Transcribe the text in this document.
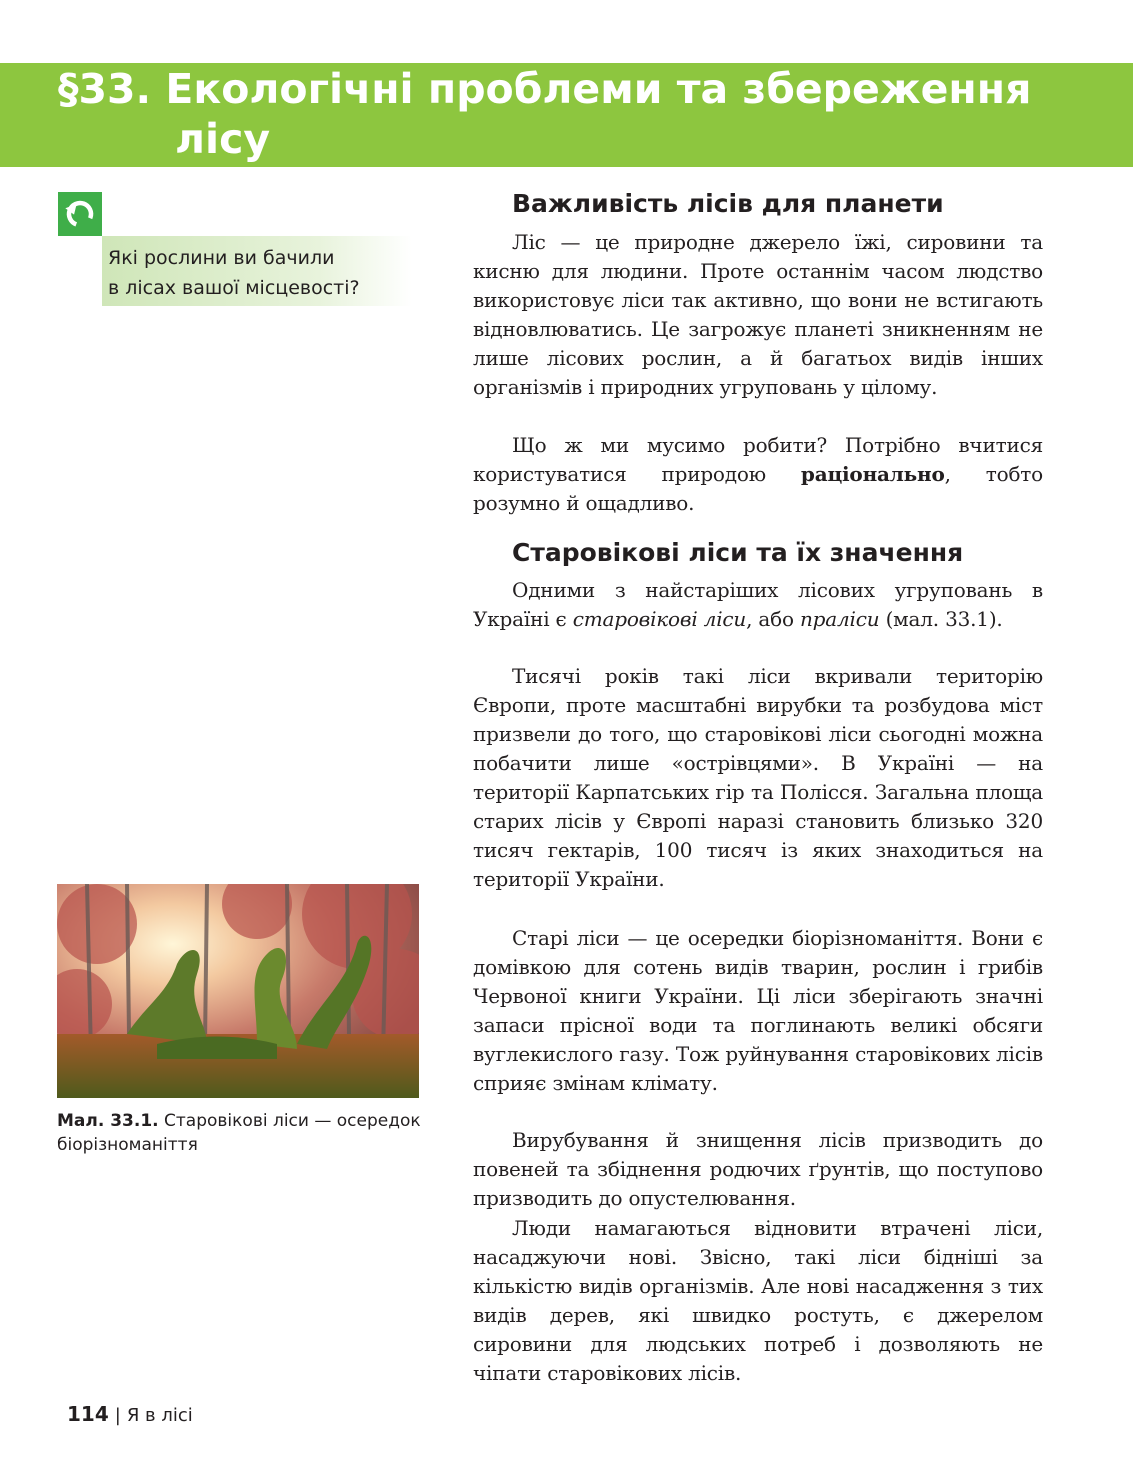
§33. Екологічні проблеми та збереження
лісу

Які рослини ви бачили
в лісах вашої місцевості?

Мал. 33.1. Старовікові ліси — осередок біорізноманіття

Важливість лісів для планети

Ліс — це природне джерело їжі, сировини та кисню для людини. Проте останнім часом людство використовує ліси так активно, що вони не встигають відновлюватись. Це загрожує планеті зникненням не лише лісових рослин, а й багатьох видів інших організмів і природних угруповань у цілому.

Що ж ми мусимо робити? Потрібно вчитися користуватися природою раціонально, тобто розумно й ощадливо.

Старовікові ліси та їх значення

Одними з найстаріших лісових угруповань в Україні є старовікові ліси, або праліси (мал. 33.1).

Тисячі років такі ліси вкривали територію Європи, проте масштабні вирубки та розбудова міст призвели до того, що старовікові ліси сьогодні можна побачити лише «острівцями». В Україні — на території Карпатських гір та Полісся. Загальна площа старих лісів у Європі наразі становить близько 320 тисяч гектарів, 100 тисяч із яких знаходиться на території України.

Старі ліси — це осередки біорізноманіття. Вони є домівкою для сотень видів тварин, рослин і грибів Червоної книги України. Ці ліси зберігають значні запаси прісної води та поглинають великі обсяги вуглекислого газу. Тож руйнування старовікових лісів сприяє змінам клімату.

Вирубування й знищення лісів призводить до повеней та збіднення родючих ґрунтів, що поступово призводить до опустелювання.

Люди намагаються відновити втрачені ліси, насаджуючи нові. Звісно, такі ліси бідніші за кількістю видів організмів. Але нові насадження з тих видів дерев, які швидко ростуть, є джерелом сировини для людських потреб і дозволяють не чіпати старовікових лісів.

114 | Я в лісі
